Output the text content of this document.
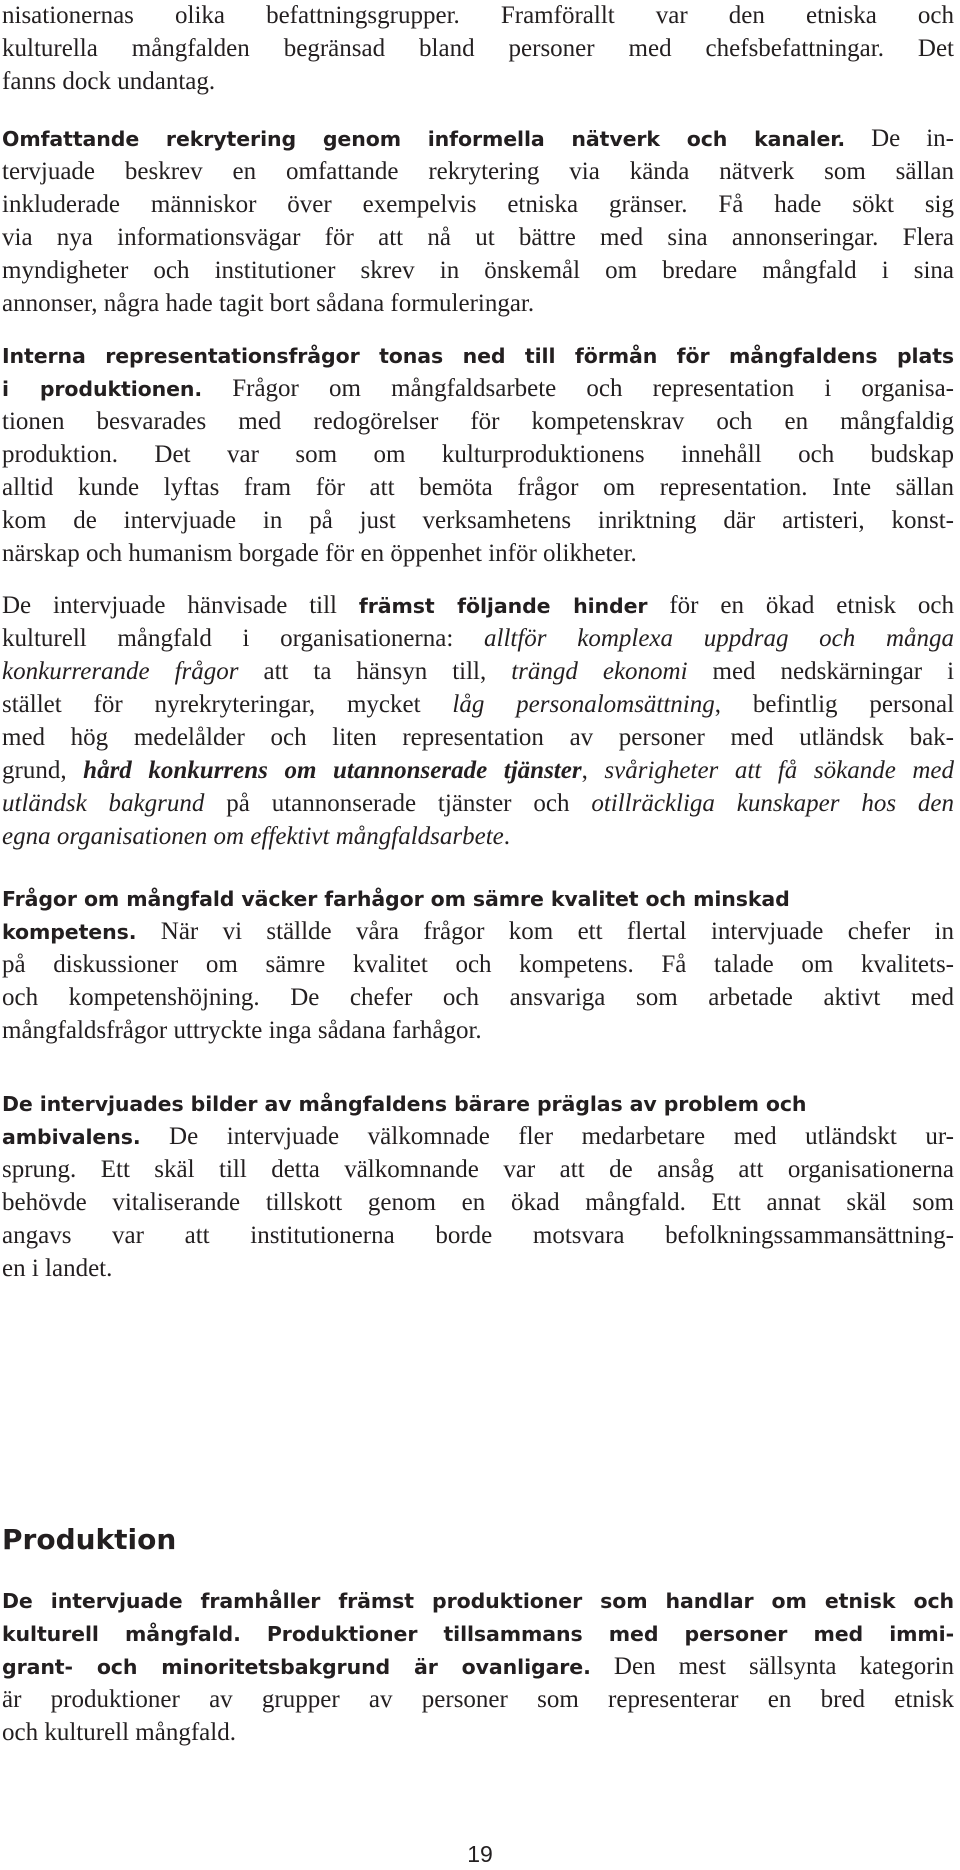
nisationernas olika befattningsgrupper. Framförallt var den etniska och
kulturella mångfalden begränsad bland personer med chefsbefattningar. Det
fanns dock undantag.
Omfattande rekrytering genom informella nätverk och kanaler. De in-
tervjuade beskrev en omfattande rekrytering via kända nätverk som sällan
inkluderade människor över exempelvis etniska gränser. Få hade sökt sig
via nya informationsvägar för att nå ut bättre med sina annonseringar. Flera
myndigheter och institutioner skrev in önskemål om bredare mångfald i sina
annonser, några hade tagit bort sådana formuleringar.
Interna representationsfrågor tonas ned till förmån för mångfaldens plats
i produktionen. Frågor om mångfaldsarbete och representation i organisa-
tionen besvarades med redogörelser för kompetenskrav och en mångfaldig
produktion. Det var som om kulturproduktionens innehåll och budskap
alltid kunde lyftas fram för att bemöta frågor om representation. Inte sällan
kom de intervjuade in på just verksamhetens inriktning där artisteri, konst-
närskap och humanism borgade för en öppenhet inför olikheter.
De intervjuade hänvisade till främst följande hinder för en ökad etnisk och
kulturell mångfald i organisationerna: alltför komplexa uppdrag och många
konkurrerande frågor att ta hänsyn till, trängd ekonomi med nedskärningar i
stället för nyrekryteringar, mycket låg personalomsättning, befintlig personal
med hög medelålder och liten representation av personer med utländsk bak-
grund, hård konkurrens om utannonserade tjänster, svårigheter att få sökande med
utländsk bakgrund på utannonserade tjänster och otillräckliga kunskaper hos den
egna organisationen om effektivt mångfaldsarbete.
Frågor om mångfald väcker farhågor om sämre kvalitet och minskad
kompetens. När vi ställde våra frågor kom ett flertal intervjuade chefer in
på diskussioner om sämre kvalitet och kompetens. Få talade om kvalitets-
och kompetenshöjning. De chefer och ansvariga som arbetade aktivt med
mångfaldsfrågor uttryckte inga sådana farhågor.
De intervjuades bilder av mångfaldens bärare präglas av problem och
ambivalens. De intervjuade välkomnade fler medarbetare med utländskt ur-
sprung. Ett skäl till detta välkomnande var att de ansåg att organisationerna
behövde vitaliserande tillskott genom en ökad mångfald. Ett annat skäl som
angavs var att institutionerna borde motsvara befolkningssammansättning-
en i landet.
Produktion
De intervjuade framhåller främst produktioner som handlar om etnisk och
kulturell mångfald. Produktioner tillsammans med personer med immi-
grant- och minoritetsbakgrund är ovanligare. Den mest sällsynta kategorin
är produktioner av grupper av personer som representerar en bred etnisk
och kulturell mångfald.
19
